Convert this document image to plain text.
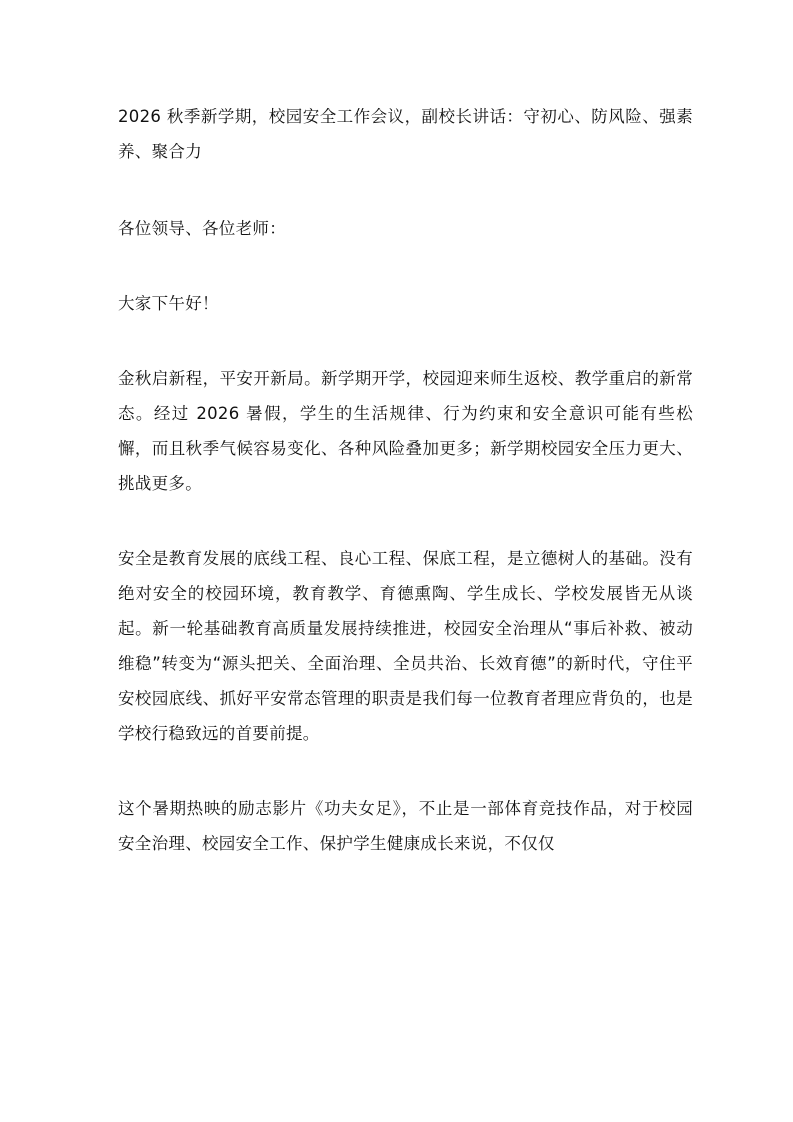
2026 秋季新学期，校园安全工作会议，副校长讲话：守初心、防风险、强素养、聚合力

各位领导、各位老师：

大家下午好！

金秋启新程，平安开新局。新学期开学，校园迎来师生返校、教学重启的新常态。经过 2026 暑假，学生的生活规律、行为约束和安全意识可能有些松懈，而且秋季气候容易变化、各种风险叠加更多；新学期校园安全压力更大、挑战更多。

安全是教育发展的底线工程、良心工程、保底工程，是立德树人的基础。没有绝对安全的校园环境，教育教学、育德熏陶、学生成长、学校发展皆无从谈起。新一轮基础教育高质量发展持续推进，校园安全治理从“事后补救、被动维稳”转变为“源头把关、全面治理、全员共治、长效育德”的新时代，守住平安校园底线、抓好平安常态管理的职责是我们每一位教育者理应背负的，也是学校行稳致远的首要前提。

这个暑期热映的励志影片《功夫女足》，不止是一部体育竞技作品，对于校园安全治理、校园安全工作、保护学生健康成长来说，不仅仅
